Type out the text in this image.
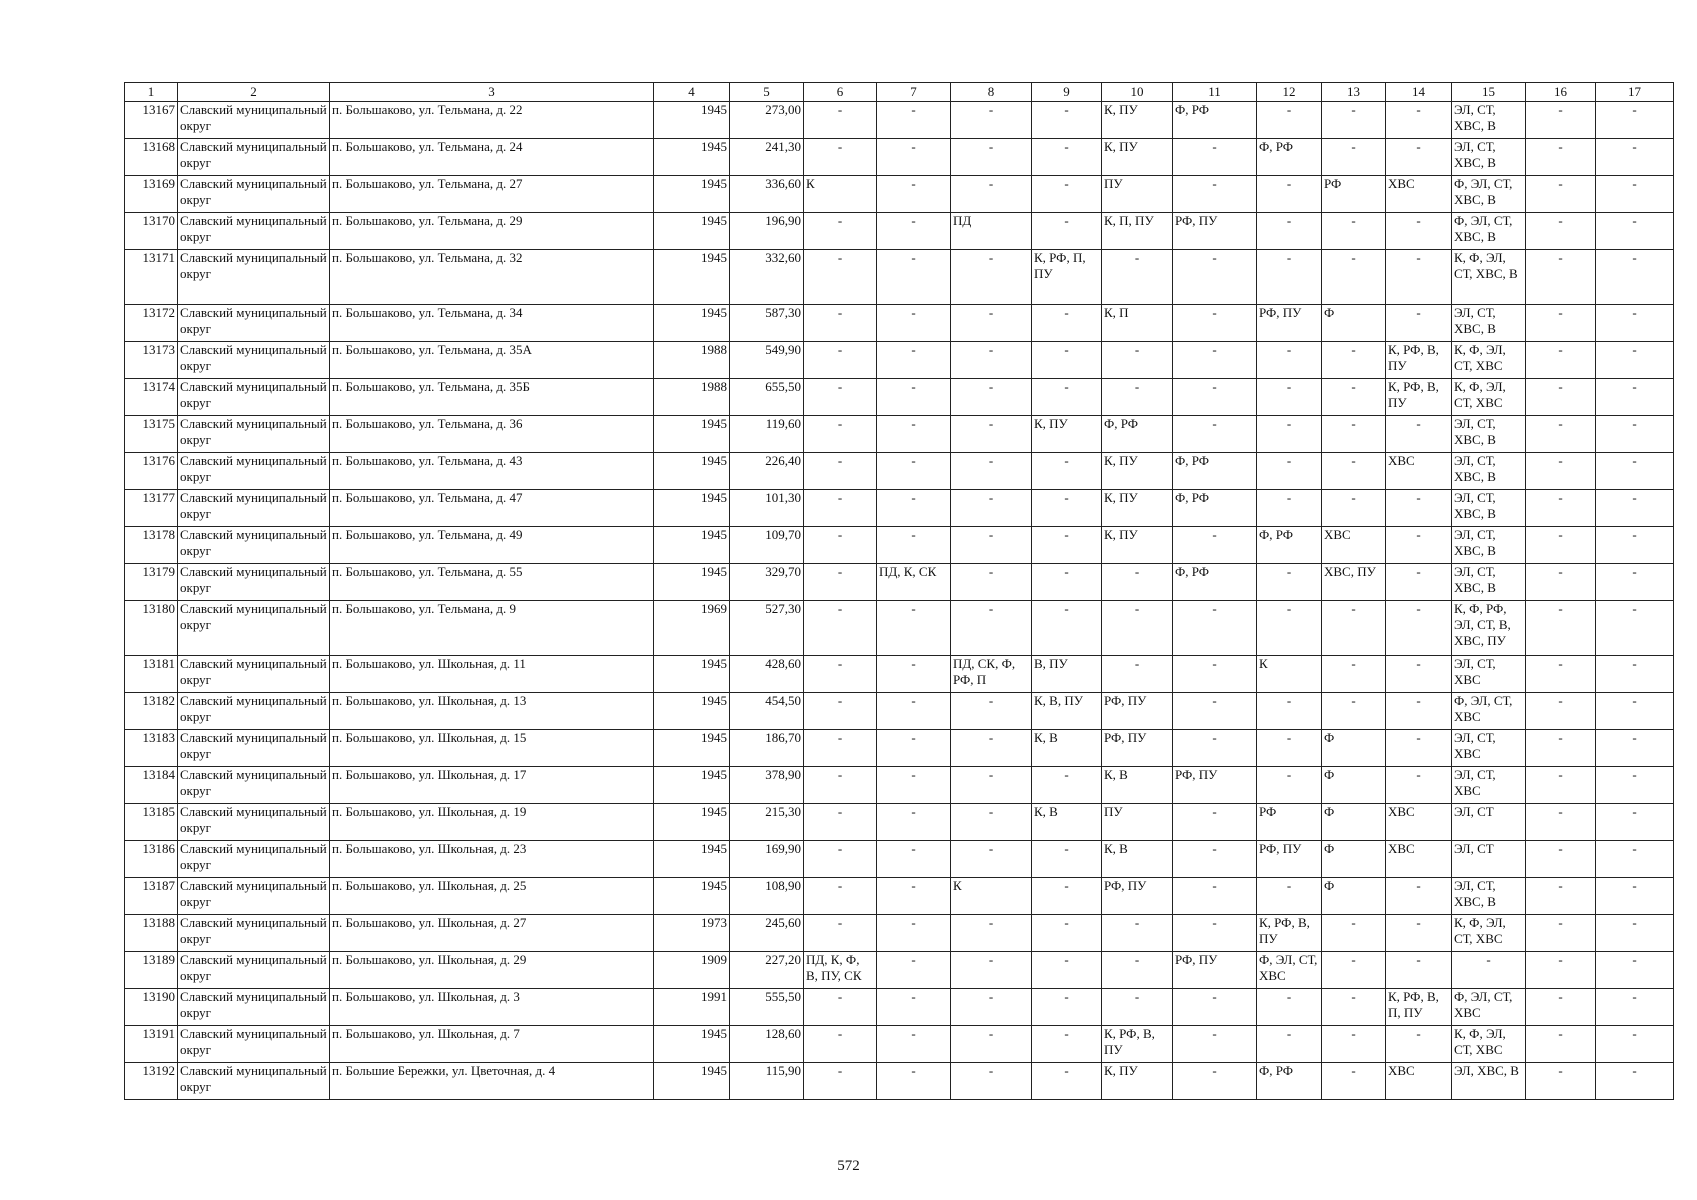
1	2	3	4	5	6	7	8	9	10	11	12	13	14	15	16	17
13167	Славский муниципальный округ	п. Большаково, ул. Тельмана, д. 22	1945	273,00	-	-	-	-	К, ПУ	Ф, РФ	-	-	-	ЭЛ, СТ, ХВС, В	-	-
13168	Славский муниципальный округ	п. Большаково, ул. Тельмана, д. 24	1945	241,30	-	-	-	-	К, ПУ	-	Ф, РФ	-	-	ЭЛ, СТ, ХВС, В	-	-
13169	Славский муниципальный округ	п. Большаково, ул. Тельмана, д. 27	1945	336,60	К	-	-	-	ПУ	-	-	РФ	ХВС	Ф, ЭЛ, СТ, ХВС, В	-	-
13170	Славский муниципальный округ	п. Большаково, ул. Тельмана, д. 29	1945	196,90	-	-	ПД	-	К, П, ПУ	РФ, ПУ	-	-	-	Ф, ЭЛ, СТ, ХВС, В	-	-
13171	Славский муниципальный округ	п. Большаково, ул. Тельмана, д. 32	1945	332,60	-	-	-	К, РФ, П, ПУ	-	-	-	-	-	К, Ф, ЭЛ, СТ, ХВС, В	-	-
13172	Славский муниципальный округ	п. Большаково, ул. Тельмана, д. 34	1945	587,30	-	-	-	-	К, П	-	РФ, ПУ	Ф	-	ЭЛ, СТ, ХВС, В	-	-
13173	Славский муниципальный округ	п. Большаково, ул. Тельмана, д. 35А	1988	549,90	-	-	-	-	-	-	-	-	К, РФ, В, ПУ	К, Ф, ЭЛ, СТ, ХВС	-	-
13174	Славский муниципальный округ	п. Большаково, ул. Тельмана, д. 35Б	1988	655,50	-	-	-	-	-	-	-	-	К, РФ, В, ПУ	К, Ф, ЭЛ, СТ, ХВС	-	-
13175	Славский муниципальный округ	п. Большаково, ул. Тельмана, д. 36	1945	119,60	-	-	-	К, ПУ	Ф, РФ	-	-	-	-	ЭЛ, СТ, ХВС, В	-	-
13176	Славский муниципальный округ	п. Большаково, ул. Тельмана, д. 43	1945	226,40	-	-	-	-	К, ПУ	Ф, РФ	-	-	ХВС	ЭЛ, СТ, ХВС, В	-	-
13177	Славский муниципальный округ	п. Большаково, ул. Тельмана, д. 47	1945	101,30	-	-	-	-	К, ПУ	Ф, РФ	-	-	-	ЭЛ, СТ, ХВС, В	-	-
13178	Славский муниципальный округ	п. Большаково, ул. Тельмана, д. 49	1945	109,70	-	-	-	-	К, ПУ	-	Ф, РФ	ХВС	-	ЭЛ, СТ, ХВС, В	-	-
13179	Славский муниципальный округ	п. Большаково, ул. Тельмана, д. 55	1945	329,70	-	ПД, К, СК	-	-	-	Ф, РФ	-	ХВС, ПУ	-	ЭЛ, СТ, ХВС, В	-	-
13180	Славский муниципальный округ	п. Большаково, ул. Тельмана, д. 9	1969	527,30	-	-	-	-	-	-	-	-	-	К, Ф, РФ, ЭЛ, СТ, В, ХВС, ПУ	-	-
13181	Славский муниципальный округ	п. Большаково, ул. Школьная, д. 11	1945	428,60	-	-	ПД, СК, Ф, РФ, П	В, ПУ	-	-	К	-	-	ЭЛ, СТ, ХВС	-	-
13182	Славский муниципальный округ	п. Большаково, ул. Школьная, д. 13	1945	454,50	-	-	-	К, В, ПУ	РФ, ПУ	-	-	-	-	Ф, ЭЛ, СТ, ХВС	-	-
13183	Славский муниципальный округ	п. Большаково, ул. Школьная, д. 15	1945	186,70	-	-	-	К, В	РФ, ПУ	-	-	Ф	-	ЭЛ, СТ, ХВС	-	-
13184	Славский муниципальный округ	п. Большаково, ул. Школьная, д. 17	1945	378,90	-	-	-	-	К, В	РФ, ПУ	-	Ф	-	ЭЛ, СТ, ХВС	-	-
13185	Славский муниципальный округ	п. Большаково, ул. Школьная, д. 19	1945	215,30	-	-	-	К, В	ПУ	-	РФ	Ф	ХВС	ЭЛ, СТ	-	-
13186	Славский муниципальный округ	п. Большаково, ул. Школьная, д. 23	1945	169,90	-	-	-	-	К, В	-	РФ, ПУ	Ф	ХВС	ЭЛ, СТ	-	-
13187	Славский муниципальный округ	п. Большаково, ул. Школьная, д. 25	1945	108,90	-	-	К	-	РФ, ПУ	-	-	Ф	-	ЭЛ, СТ, ХВС, В	-	-
13188	Славский муниципальный округ	п. Большаково, ул. Школьная, д. 27	1973	245,60	-	-	-	-	-	-	К, РФ, В, ПУ	-	-	К, Ф, ЭЛ, СТ, ХВС	-	-
13189	Славский муниципальный округ	п. Большаково, ул. Школьная, д. 29	1909	227,20	ПД, К, Ф, В, ПУ, СК	-	-	-	-	РФ, ПУ	Ф, ЭЛ, СТ, ХВС	-	-	-	-	-
13190	Славский муниципальный округ	п. Большаково, ул. Школьная, д. 3	1991	555,50	-	-	-	-	-	-	-	-	К, РФ, В, П, ПУ	Ф, ЭЛ, СТ, ХВС	-	-
13191	Славский муниципальный округ	п. Большаково, ул. Школьная, д. 7	1945	128,60	-	-	-	-	К, РФ, В, ПУ	-	-	-	-	К, Ф, ЭЛ, СТ, ХВС	-	-
13192	Славский муниципальный округ	п. Большие Бережки, ул. Цветочная, д. 4	1945	115,90	-	-	-	-	К, ПУ	-	Ф, РФ	-	ХВС	ЭЛ, ХВС, В	-	-
572
